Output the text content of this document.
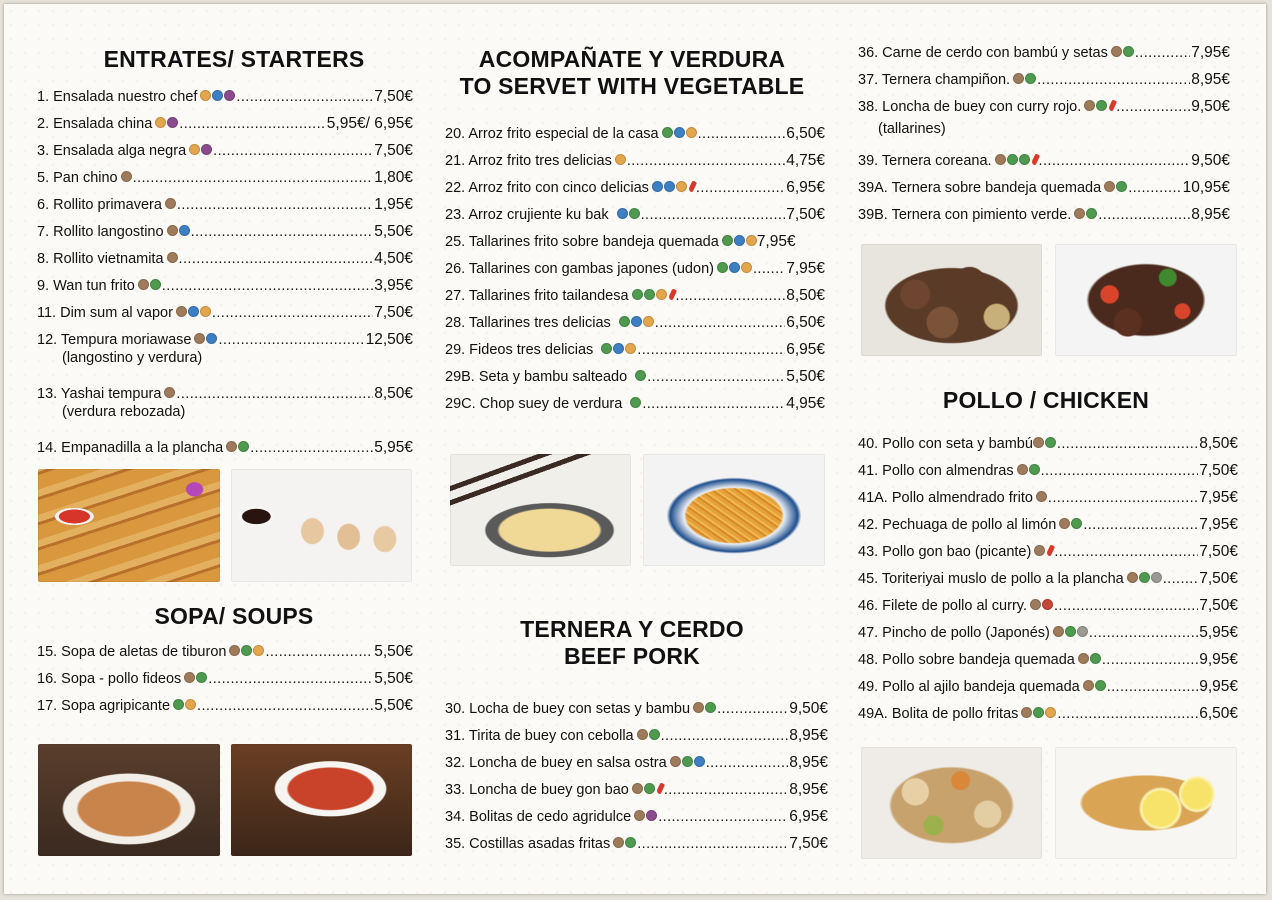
ENTRATES/ STARTERS
1. Ensalada nuestro chef .....	7,50€
2. Ensalada china .....	5,95€/ 6,95€
3. Ensalada alga negra .....	7,50€
5. Pan chino .....	1,80€
6. Rollito primavera .....	1,95€
7. Rollito langostino .....	5,50€
8. Rollito vietnamita .....	4,50€
9. Wan tun frito .....	3,95€
11. Dim sum al vapor .....	7,50€
12. Tempura moriawase .....	12,50€
(langostino y verdura)
13. Yashai tempura .....	8,50€
(verdura rebozada)
14. Empanadilla a la plancha .....	5,95€
SOPA/ SOUPS
15. Sopa de aletas de tiburon .....	5,50€
16. Sopa - pollo fideos .....	5,50€
17. Sopa agripicante .....	5,50€
ACOMPAÑATE Y VERDURA
TO SERVET WITH VEGETABLE
20. Arroz frito especial de la casa .....	6,50€
21. Arroz frito tres delicias .....	4,75€
22. Arroz frito con cinco delicias .....	6,95€
23. Arroz crujiente ku bak .....	7,50€
25. Tallarines frito sobre bandeja quemada 7,95€
26. Tallarines con gambas japones (udon) .....	7,95€
27. Tallarines frito tailandesa .....	8,50€
28. Tallarines tres delicias .....	6,50€
29. Fideos tres delicias .....	6,95€
29B. Seta y bambu salteado .....	5,50€
29C. Chop suey de verdura .....	4,95€
TERNERA Y CERDO
BEEF PORK
30. Locha de buey con setas y bambu .....	9,50€
31. Tirita de buey con cebolla .....	8,95€
32. Loncha de buey en salsa ostra .....	8,95€
33. Loncha de buey gon bao .....	8,95€
34. Bolitas de cedo agridulce .....	6,95€
35. Costillas asadas fritas .....	7,50€
36. Carne de cerdo con bambú y setas .....	7,95€
37. Ternera champiñon. .....	8,95€
38. Loncha de buey con curry rojo. .....	9,50€
(tallarines)
39. Ternera coreana. .....	9,50€
39A. Ternera sobre bandeja quemada .....	10,95€
39B. Ternera con pimiento verde. .....	8,95€
POLLO / CHICKEN
40. Pollo con seta y bambú .....	8,50€
41. Pollo con almendras .....	7,50€
41A. Pollo almendrado frito .....	7,95€
42. Pechuaga de pollo al limón .....	7,95€
43. Pollo gon bao (picante) .....	7,50€
45. Toriteriyai muslo de pollo a la plancha .....	7,50€
46. Filete de pollo al curry. .....	7,50€
47. Pincho de pollo (Japonés) .....	5,95€
48. Pollo sobre bandeja quemada .....	9,95€
49. Pollo al ajilo bandeja quemada .....	9,95€
49A. Bolita de pollo fritas .....	6,50€
